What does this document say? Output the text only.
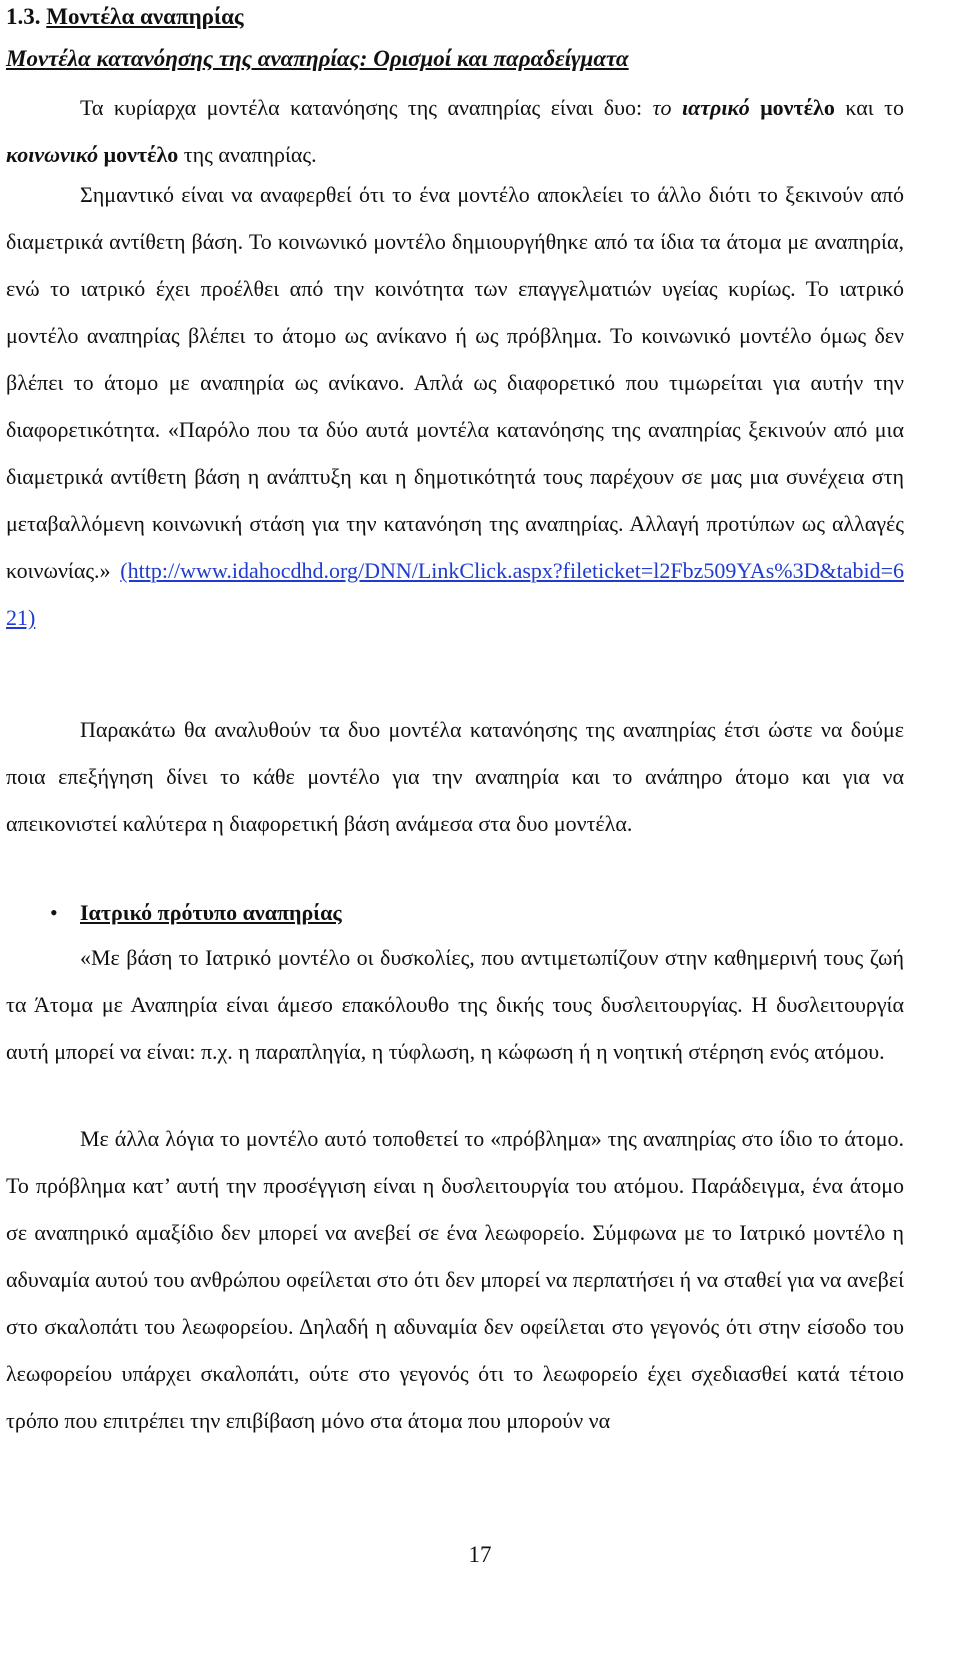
1.3. Μοντέλα αναπηρίας
Μοντέλα κατανόησης της αναπηρίας: Ορισμοί και παραδείγματα

Τα κυρίαρχα μοντέλα κατανόησης της αναπηρίας είναι δυο: το ιατρικό μοντέλο και το κοινωνικό μοντέλο της αναπηρίας.

Σημαντικό είναι να αναφερθεί ότι το ένα μοντέλο αποκλείει το άλλο διότι το ξεκινούν από διαμετρικά αντίθετη βάση. Το κοινωνικό μοντέλο δημιουργήθηκε από τα ίδια τα άτομα με αναπηρία, ενώ το ιατρικό έχει προέλθει από την κοινότητα των επαγγελματιών υγείας κυρίως. Το ιατρικό μοντέλο αναπηρίας βλέπει το άτομο ως ανίκανο ή ως πρόβλημα. Το κοινωνικό μοντέλο όμως δεν βλέπει το άτομο με αναπηρία ως ανίκανο. Απλά ως διαφορετικό που τιμωρείται για αυτήν την διαφορετικότητα. «Παρόλο που τα δύο αυτά μοντέλα κατανόησης της αναπηρίας ξεκινούν από μια διαμετρικά αντίθετη βάση η ανάπτυξη και η δημοτικότητά τους παρέχουν σε μας μια συνέχεια στη μεταβαλλόμενη κοινωνική στάση για την κατανόηση της αναπηρίας. Αλλαγή προτύπων ως αλλαγές κοινωνίας.» (http://www.idahocdhd.org/DNN/LinkClick.aspx?fileticket=l2Fbz509YAs%3D&tabid=621)

Παρακάτω θα αναλυθούν τα δυο μοντέλα κατανόησης της αναπηρίας έτσι ώστε να δούμε ποια επεξήγηση δίνει το κάθε μοντέλο για την αναπηρία και το ανάπηρο άτομο και για να απεικονιστεί καλύτερα η διαφορετική βάση ανάμεσα στα δυο μοντέλα.

• Ιατρικό πρότυπο αναπηρίας

«Με βάση το Ιατρικό μοντέλο οι δυσκολίες, που αντιμετωπίζουν στην καθημερινή τους ζωή τα Άτομα με Αναπηρία είναι άμεσο επακόλουθο της δικής τους δυσλειτουργίας. Η δυσλειτουργία αυτή μπορεί να είναι: π.χ. η παραπληγία, η τύφλωση, η κώφωση ή η νοητική στέρηση ενός ατόμου.

Με άλλα λόγια το μοντέλο αυτό τοποθετεί το «πρόβλημα» της αναπηρίας στο ίδιο το άτομο. Το πρόβλημα κατ’ αυτή την προσέγγιση είναι η δυσλειτουργία του ατόμου. Παράδειγμα, ένα άτομο σε αναπηρικό αμαξίδιο δεν μπορεί να ανεβεί σε ένα λεωφορείο. Σύμφωνα με το Ιατρικό μοντέλο η αδυναμία αυτού του ανθρώπου οφείλεται στο ότι δεν μπορεί να περπατήσει ή να σταθεί για να ανεβεί στο σκαλοπάτι του λεωφορείου. Δηλαδή η αδυναμία δεν οφείλεται στο γεγονός ότι στην είσοδο του λεωφορείου υπάρχει σκαλοπάτι, ούτε στο γεγονός ότι το λεωφορείο έχει σχεδιασθεί κατά τέτοιο τρόπο που επιτρέπει την επιβίβαση μόνο στα άτομα που μπορούν να

17
